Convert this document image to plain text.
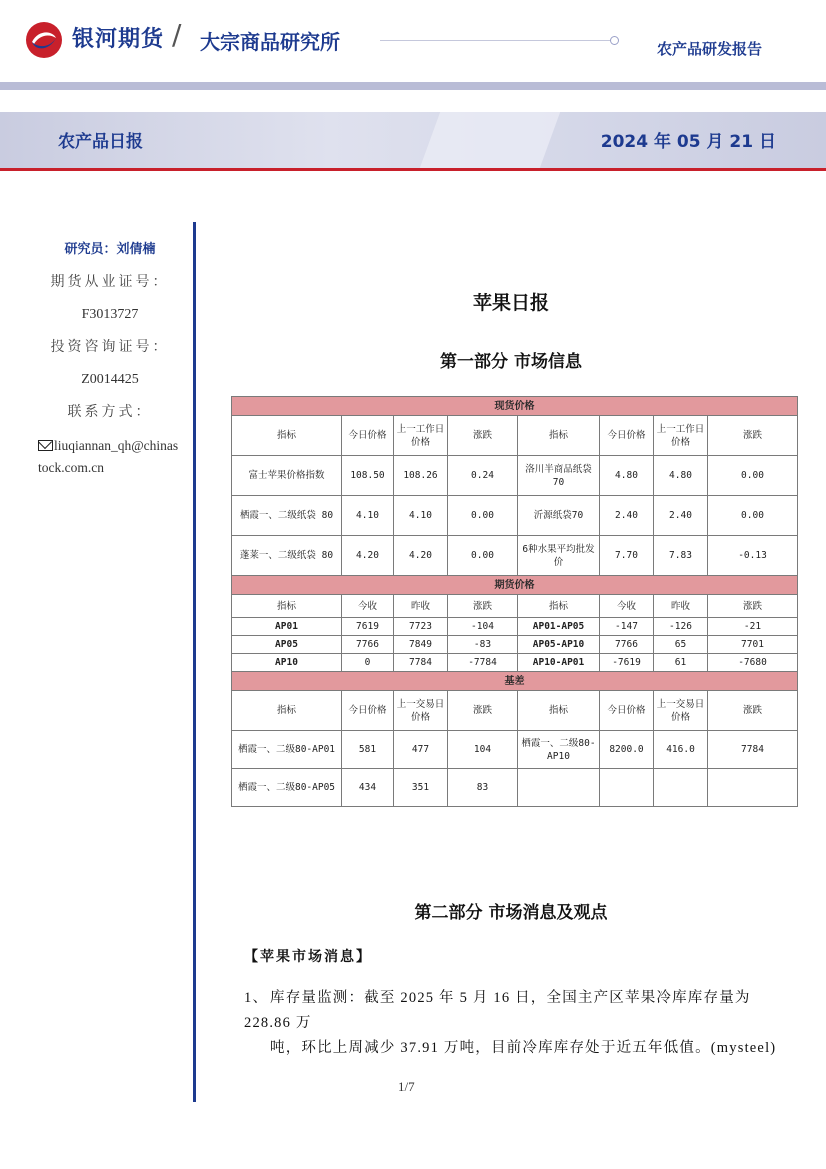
银河期货 / 大宗商品研究所	农产品研发报告
农产品日报	2024 年 05 月 21 日
研究员：刘倩楠
期货从业证号：
F3013727
投资咨询证号：
Z0014425
联系方式：
liuqiannan_qh@chinas
tock.com.cn
苹果日报
第一部分 市场信息
现货价格							
指标	今日价格	上一工作日价格	涨跌	指标	今日价格	上一工作日价格	涨跌
富士苹果价格指数	108.50	108.26	0.24	洛川半商品纸袋70	4.80	4.80	0.00
栖霞一、二级纸袋 80	4.10	4.10	0.00	沂源纸袋70	2.40	2.40	0.00
蓬莱一、二级纸袋 80	4.20	4.20	0.00	6种水果平均批发价	7.70	7.83	-0.13
期货价格							
指标	今收	昨收	涨跌	指标	今收	昨收	涨跌
AP01	7619	7723	-104	AP01-AP05	-147	-126	-21
AP05	7766	7849	-83	AP05-AP10	7766	65	7701
AP10	0	7784	-7784	AP10-AP01	-7619	61	-7680
基差							
指标	今日价格	上一交易日价格	涨跌	指标	今日价格	上一交易日价格	涨跌
栖霞一、二级80-AP01	581	477	104	栖霞一、二级80-AP10	8200.0	416.0	7784
栖霞一、二级80-AP05	434	351	83				
第二部分 市场消息及观点
【苹果市场消息】
1、 库存量监测：截至 2025 年 5 月 16 日，全国主产区苹果冷库库存量为 228.86 万
吨，环比上周减少 37.91 万吨，目前冷库库存处于近五年低值。(mysteel)
1/7
